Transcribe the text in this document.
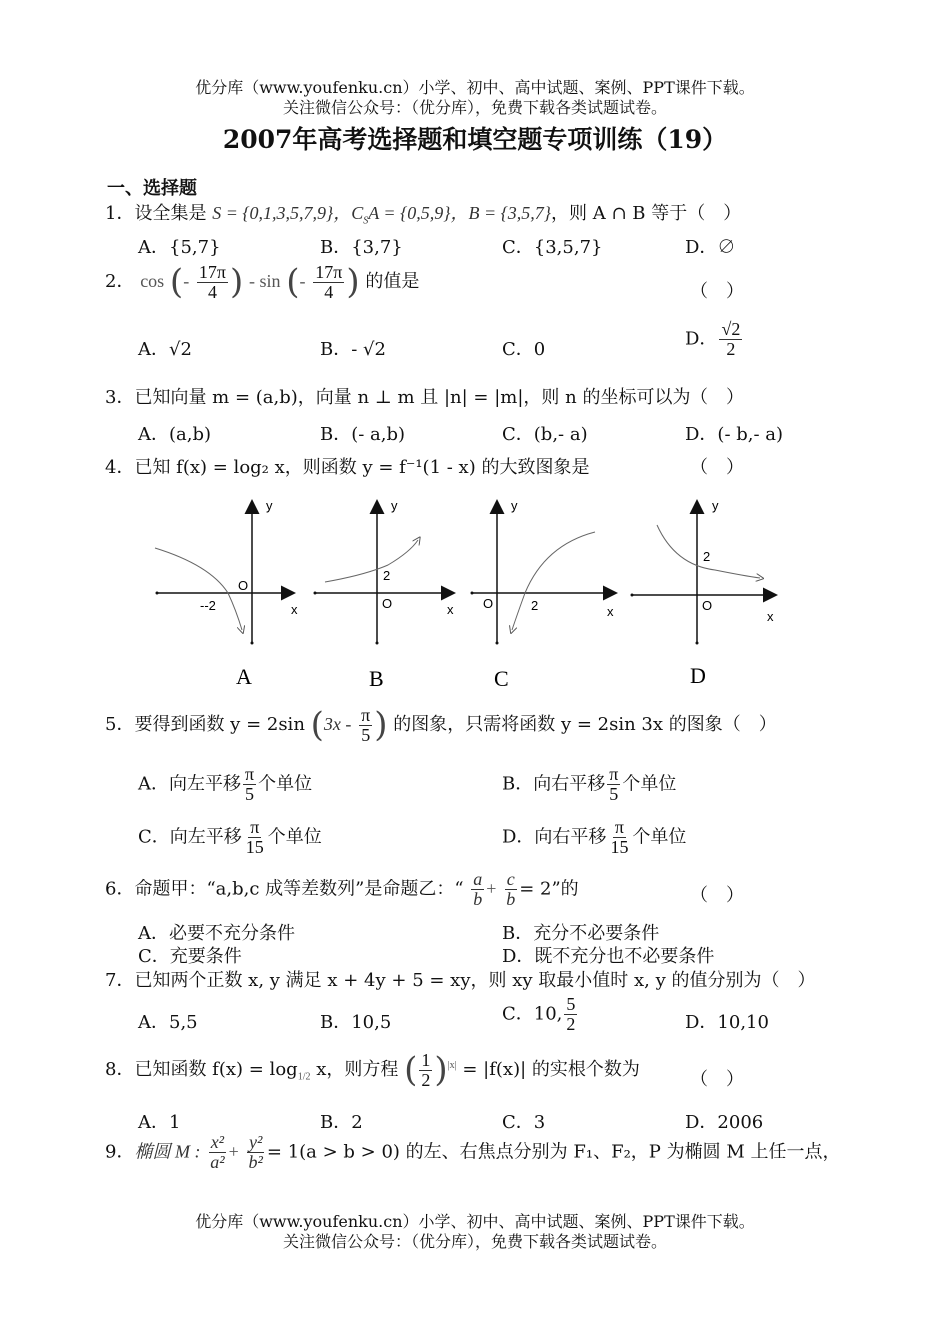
优分库（www.youfenku.cn）小学、初中、高中试题、案例、PPT课件下载。
关注微信公众号：（优分库），免费下载各类试题试卷。
2007年高考选择题和填空题专项训练（19）
一、选择题
1．设全集是 S = {0,1,3,5,7,9}，$C_SA = \{0,5,9\}$，B = {3,5,7}，则 A ∩ B 等于（　）
A．{5,7}	B．{3,7}	C．{3,5,7}	D．∅
2． cos (- $\frac{17\pi}{4}$ ) - sin (- $\frac{17\pi}{4}$ ) 的值是	（　）
A．√2	B．- √2	C．0
D． $\frac{√2}{2}$
3．已知向量 m = (a,b)，向量 n ⊥ m 且 |n| = |m|，则 n 的坐标可以为 （　）
A．(a,b)	B．(- a,b)	C．(b,- a)	D．(- b,- a)
4．已知 f(x) = log₂ x，则函数 y = f⁻¹(1 - x) 的大致图象是	（　）
y
x
O
--2
A
y
x
O
2
B
y
x
O	2
C
y
x
O
2
D
5．要得到函数 y = 2sin ($3x - \frac{\pi}{5}$ ) 的图象，只需将函数 y = 2sin 3x 的图象（　）
A．向左平移 $\frac{\pi}{5}$ 个单位	B．向右平移 $\frac{\pi}{5}$ 个单位
C．向左平移 $\frac{\pi}{15}$ 个单位	D．向右平移 $\frac{\pi}{15}$ 个单位
6．命题甲：“a,b,c 成等差数列”是命题乙：“ $\frac{a}{b} + \frac{c}{b} = 2$”的	（　）
A．必要不充分条件	B．充分不必要条件
C．充要条件	D．既不充分也不必要条件
7．已知两个正数 x, y 满足 x + 4y + 5 = xy，则 xy 取最小值时 x, y 的值分别为（　）
A．5,5	B．10,5	C．10, $\frac{5}{2}$	D．10,10
8．已知函数 $f(x) = \log_{1/2} x$，则方程 ( $\frac{1}{2} )^{|x|} = |f(x)|$ 的实根个数为	（　）
A．1	B．2	C．3	D．2006
9．椭圆 M : $\frac{\text{x²}}{\text{a²}} + \frac{\text{y²}}{\text{b²}} = 1(a > b > 0)$ 的左、右焦点分别为 F₁、F₂，P 为椭圆 M 上任一点，
优分库（www.youfenku.cn）小学、初中、高中试题、案例、PPT课件下载。
关注微信公众号：（优分库），免费下载各类试题试卷。
